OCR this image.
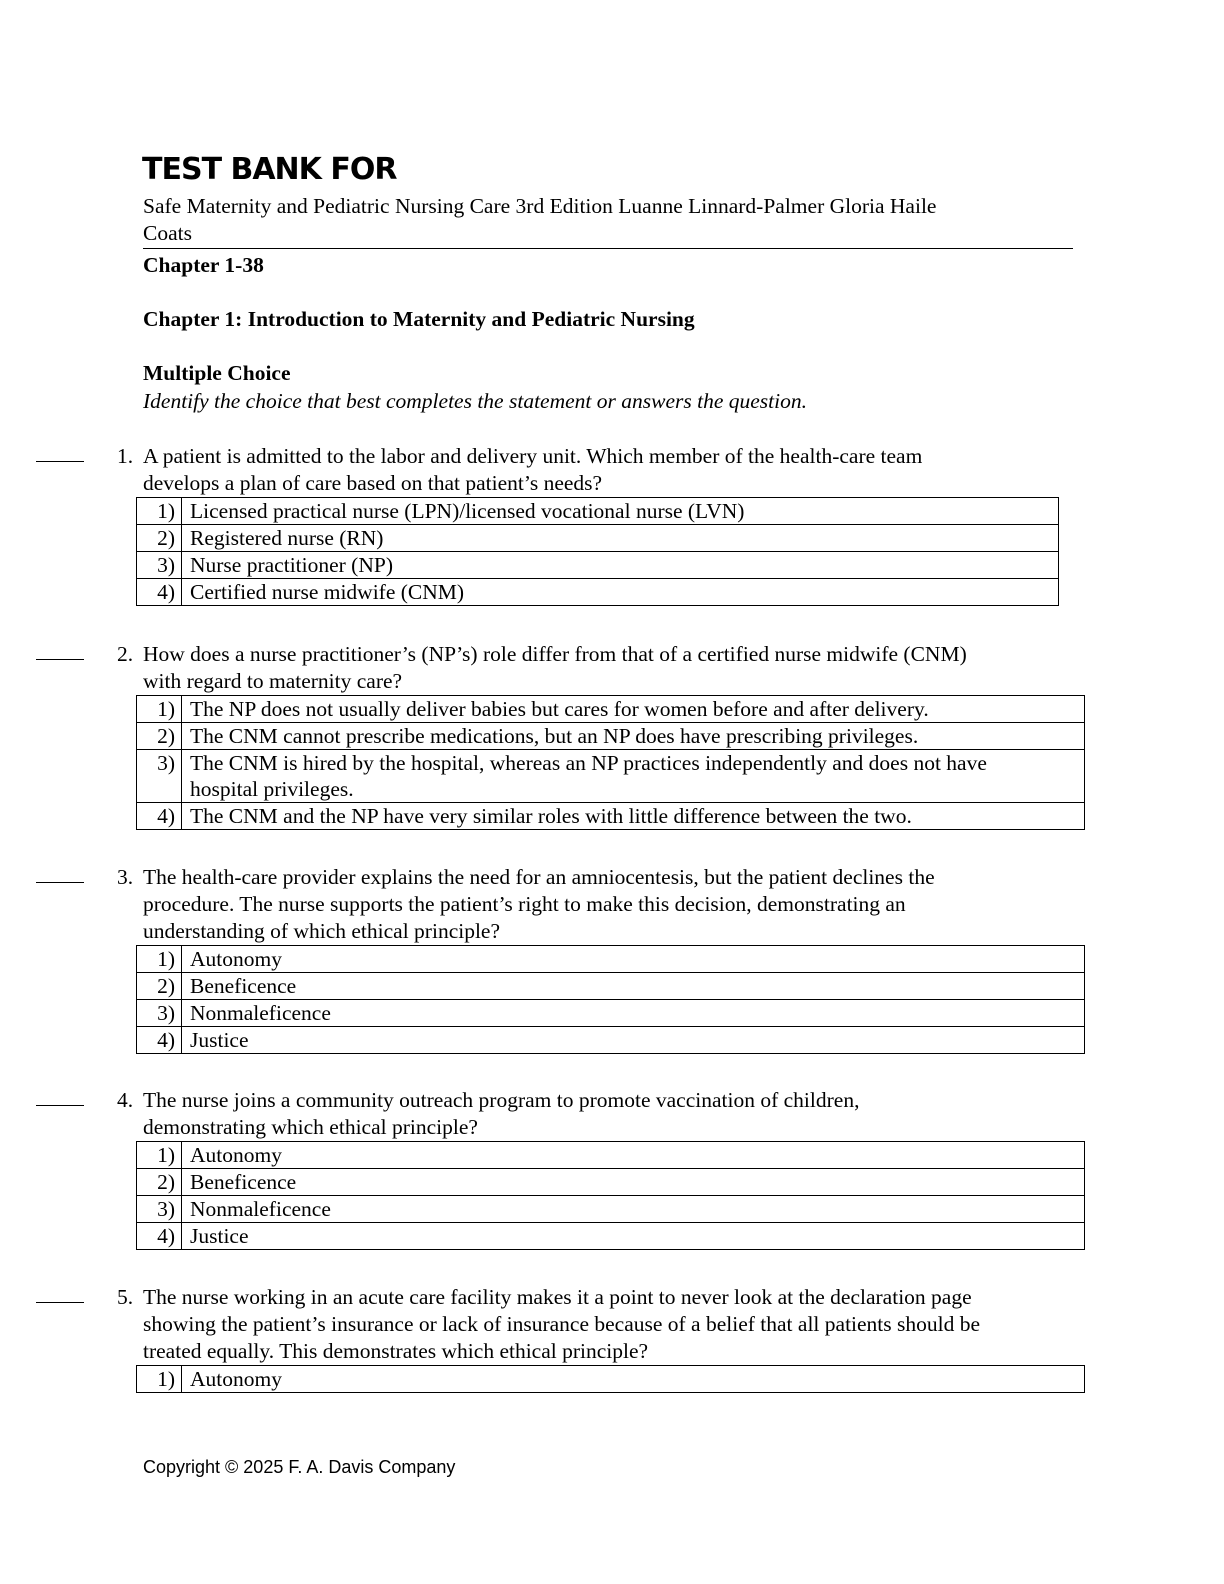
TEST BANK FOR
Safe Maternity and Pediatric Nursing Care 3rd Edition Luanne Linnard-Palmer Gloria Haile
Coats
Chapter 1-38
Chapter 1: Introduction to Maternity and Pediatric Nursing
Multiple Choice
Identify the choice that best completes the statement or answers the question.
1. A patient is admitted to the labor and delivery unit. Which member of the health-care team
develops a plan of care based on that patient’s needs?
1)	Licensed practical nurse (LPN)/licensed vocational nurse (LVN)
2)	Registered nurse (RN)
3)	Nurse practitioner (NP)
4)	Certified nurse midwife (CNM)
2. How does a nurse practitioner’s (NP’s) role differ from that of a certified nurse midwife (CNM)
with regard to maternity care?
1)	The NP does not usually deliver babies but cares for women before and after delivery.
2)	The CNM cannot prescribe medications, but an NP does have prescribing privileges.
3)	The CNM is hired by the hospital, whereas an NP practices independently and does not have
hospital privileges.

4)	The CNM and the NP have very similar roles with little difference between the two.
3. The health-care provider explains the need for an amniocentesis, but the patient declines the
procedure. The nurse supports the patient’s right to make this decision, demonstrating an
understanding of which ethical principle?
1)	Autonomy
2)	Beneficence
3)	Nonmaleficence
4)	Justice
4. The nurse joins a community outreach program to promote vaccination of children,
demonstrating which ethical principle?
1)	Autonomy
2)	Beneficence
3)	Nonmaleficence
4)	Justice
5. The nurse working in an acute care facility makes it a point to never look at the declaration page
showing the patient’s insurance or lack of insurance because of a belief that all patients should be
treated equally. This demonstrates which ethical principle?
1)	Autonomy
Copyright © 2025 F. A. Davis Company
